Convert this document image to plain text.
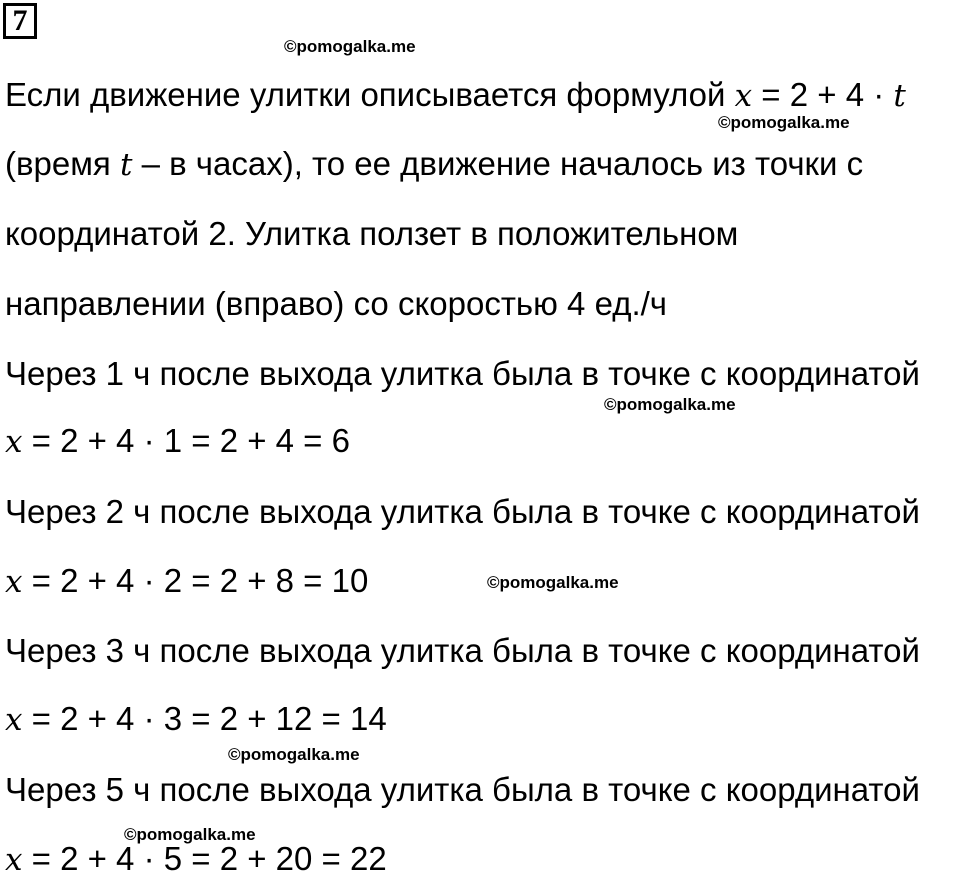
7
©pomogalka.me
©pomogalka.me
©pomogalka.me
©pomogalka.me
©pomogalka.me
©pomogalka.me
Если движение улитки описывается формулой x = 2 + 4 · t
(время t – в часах), то ее движение началось из точки с
координатой 2. Улитка ползет в положительном
направлении (вправо) со скоростью 4 ед./ч
Через 1 ч после выхода улитка была в точке с координатой
x = 2 + 4 · 1 = 2 + 4 = 6
Через 2 ч после выхода улитка была в точке с координатой
x = 2 + 4 · 2 = 2 + 8 = 10
Через 3 ч после выхода улитка была в точке с координатой
x = 2 + 4 · 3 = 2 + 12 = 14
Через 5 ч после выхода улитка была в точке с координатой
x = 2 + 4 · 5 = 2 + 20 = 22
